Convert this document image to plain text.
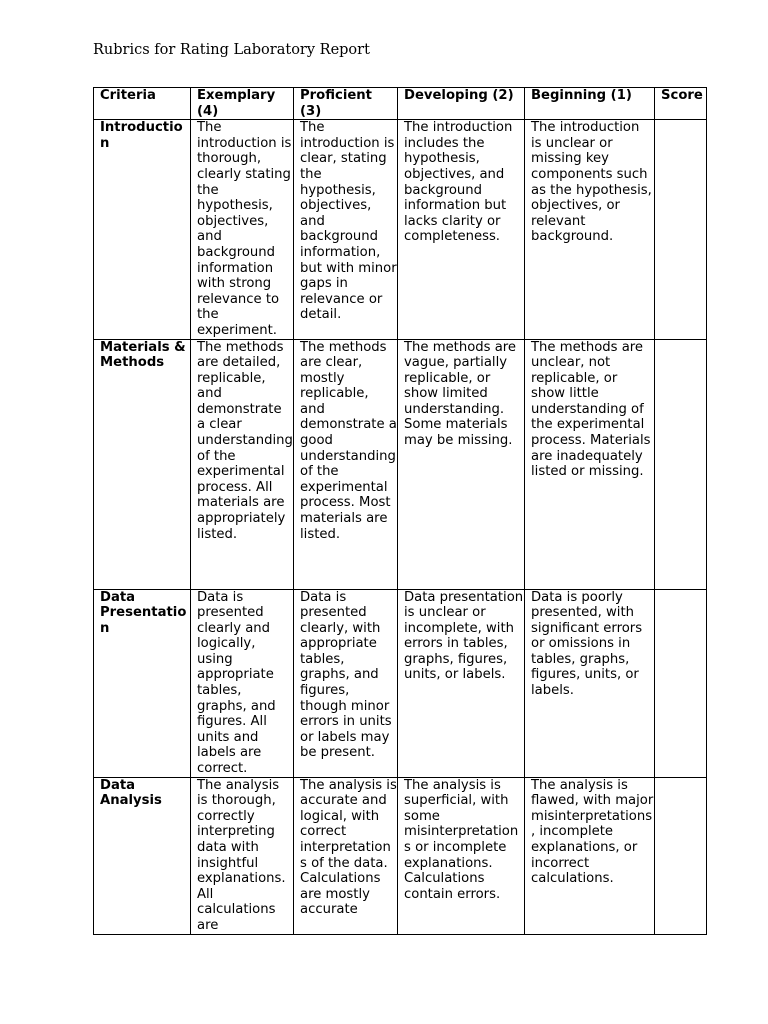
Rubrics for Rating Laboratory Report
Criteria	Exemplary (4)	Proficient (3)	Developing (2)	Beginning (1)	Score
Introduction	The introduction is thorough, clearly stating the hypothesis, objectives, and background information with strong relevance to the experiment.	The introduction is clear, stating the hypothesis, objectives, and background information, but with minor gaps in relevance or detail.	The introduction includes the hypothesis, objectives, and background information but lacks clarity or completeness.	The introduction is unclear or missing key components such as the hypothesis, objectives, or relevant background.	
Materials & Methods	The methods are detailed, replicable, and demonstrate a clear understanding of the experimental process. All materials are appropriately listed.	The methods are clear, mostly replicable, and demonstrate a good understanding of the experimental process. Most materials are listed.	The methods are vague, partially replicable, or show limited understanding. Some materials may be missing.	The methods are unclear, not replicable, or show little understanding of the experimental process. Materials are inadequately listed or missing.	
Data Presentation	Data is presented clearly and logically, using appropriate tables, graphs, and figures. All units and labels are correct.	Data is presented clearly, with appropriate tables, graphs, and figures, though minor errors in units or labels may be present.	Data presentation is unclear or incomplete, with errors in tables, graphs, figures, units, or labels.	Data is poorly presented, with significant errors or omissions in tables, graphs, figures, units, or labels.	
Data Analysis	The analysis is thorough, correctly interpreting data with insightful explanations. All calculations are	The analysis is accurate and logical, with correct interpretations of the data. Calculations are mostly accurate	The analysis is superficial, with some misinterpretations or incomplete explanations. Calculations contain errors.	The analysis is flawed, with major misinterpretations, incomplete explanations, or incorrect calculations.	
